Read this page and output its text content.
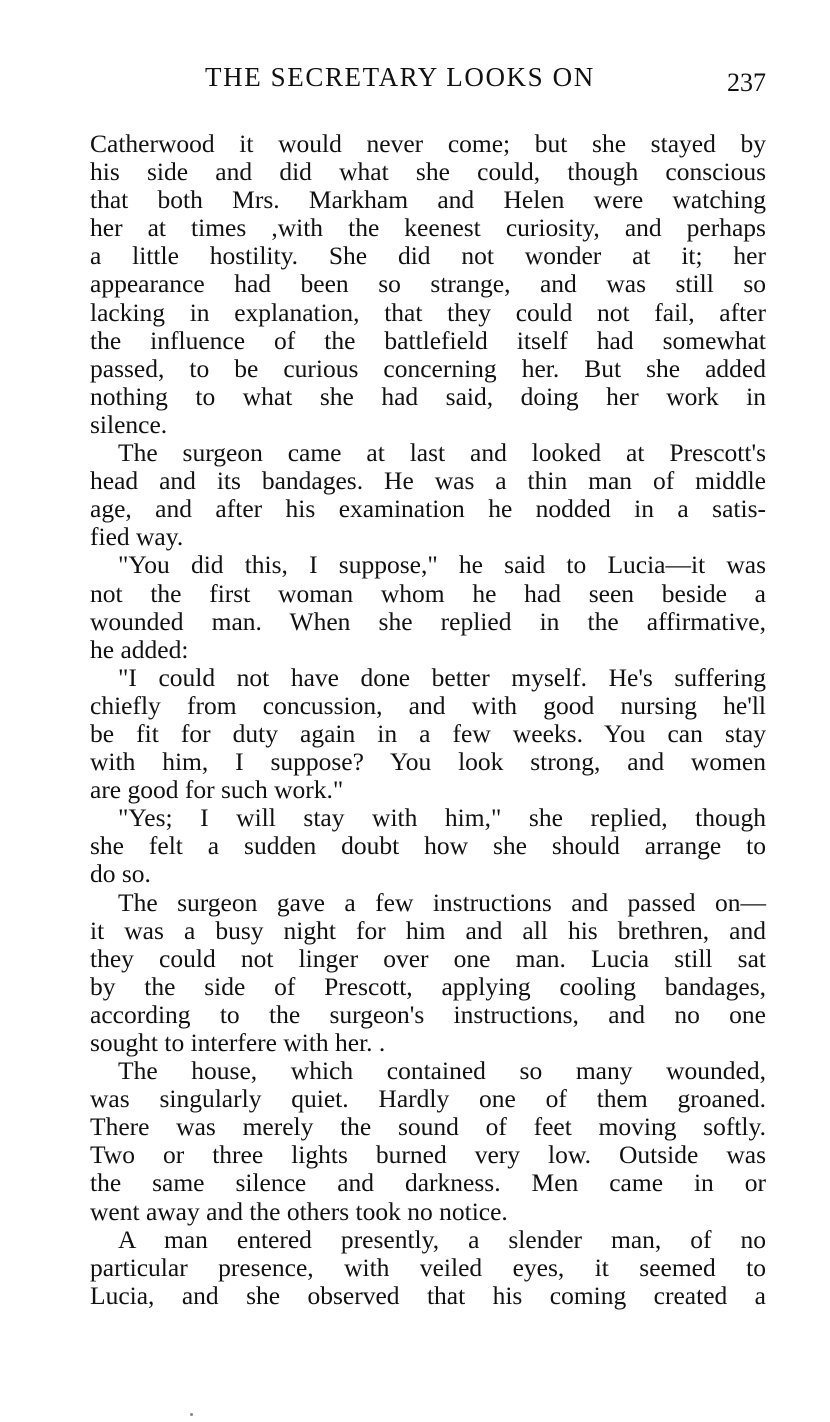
THE SECRETARY LOOKS ON	237
Catherwood it would never come; but she stayed by
his side and did what she could, though conscious
that both Mrs. Markham and Helen were watching
her at times ,with the keenest curiosity, and perhaps
a little hostility. She did not wonder at it; her
appearance had been so strange, and was still so
lacking in explanation, that they could not fail, after
the influence of the battlefield itself had somewhat
passed, to be curious concerning her. But she added
nothing to what she had said, doing her work in
silence.
The surgeon came at last and looked at Prescott's
head and its bandages. He was a thin man of middle
age, and after his examination he nodded in a satis-
fied way.
"You did this, I suppose," he said to Lucia—it was
not the first woman whom he had seen beside a
wounded man. When she replied in the affirmative,
he added:
"I could not have done better myself. He's suffering
chiefly from concussion, and with good nursing he'll
be fit for duty again in a few weeks. You can stay
with him, I suppose? You look strong, and women
are good for such work."
"Yes; I will stay with him," she replied, though
she felt a sudden doubt how she should arrange to
do so.
The surgeon gave a few instructions and passed on—
it was a busy night for him and all his brethren, and
they could not linger over one man. Lucia still sat
by the side of Prescott, applying cooling bandages,
according to the surgeon's instructions, and no one
sought to interfere with her. .
The house, which contained so many wounded,
was singularly quiet. Hardly one of them groaned.
There was merely the sound of feet moving softly.
Two or three lights burned very low. Outside was
the same silence and darkness. Men came in or
went away and the others took no notice.
A man entered presently, a slender man, of no
particular presence, with veiled eyes, it seemed to
Lucia, and she observed that his coming created a
